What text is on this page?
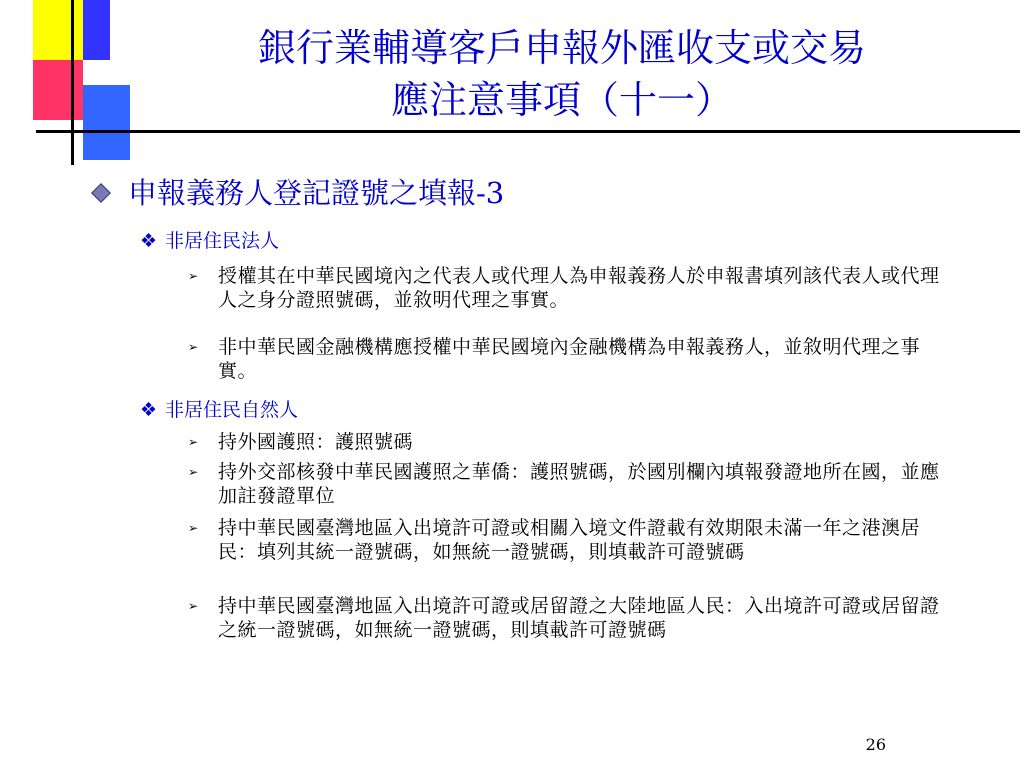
銀行業輔導客戶申報外匯收支或交易
應注意事項（十一）
申報義務人登記證號之填報-3
❖ 非居住民法人
➢ 授權其在中華民國境內之代表人或代理人為申報義務人於申報書填列該代表人或代理人之身分證照號碼，並敘明代理之事實。
➢ 非中華民國金融機構應授權中華民國境內金融機構為申報義務人，並敘明代理之事實。
❖ 非居住民自然人
➢ 持外國護照：護照號碼
➢ 持外交部核發中華民國護照之華僑：護照號碼，於國別欄內填報發證地所在國，並應加註發證單位
➢ 持中華民國臺灣地區入出境許可證或相關入境文件證載有效期限未滿一年之港澳居民：填列其統一證號碼，如無統一證號碼，則填載許可證號碼
➢ 持中華民國臺灣地區入出境許可證或居留證之大陸地區人民：入出境許可證或居留證之統一證號碼，如無統一證號碼，則填載許可證號碼
26
